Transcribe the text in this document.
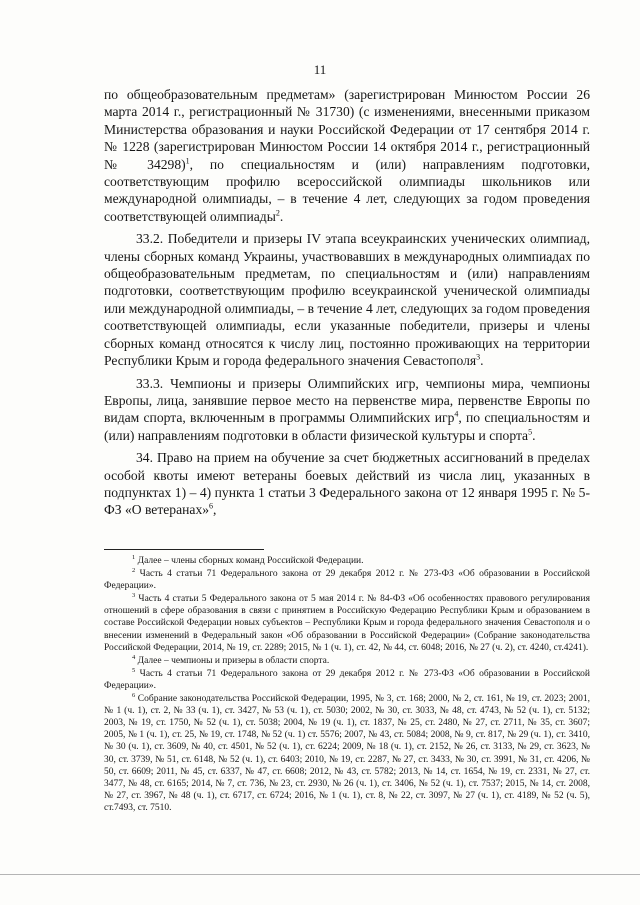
11

по общеобразовательным предметам» (зарегистрирован Минюстом России 26 марта 2014 г., регистрационный № 31730) (с изменениями, внесенными приказом Министерства образования и науки Российской Федерации от 17 сентября 2014 г. № 1228 (зарегистрирован Минюстом России 14 октября 2014 г., регистрационный № 34298)$^1$, по специальностям и (или) направлениям подготовки, соответствующим профилю всероссийской олимпиады школьников или международной олимпиады, – в течение 4 лет, следующих за годом проведения соответствующей олимпиады$^2$.

33.2. Победители и призеры IV этапа всеукраинских ученических олимпиад, члены сборных команд Украины, участвовавших в международных олимпиадах по общеобразовательным предметам, по специальностям и (или) направлениям подготовки, соответствующим профилю всеукраинской ученической олимпиады или международной олимпиады, – в течение 4 лет, следующих за годом проведения соответствующей олимпиады, если указанные победители, призеры и члены сборных команд относятся к числу лиц, постоянно проживающих на территории Республики Крым и города федерального значения Севастополя$^3$.

33.3. Чемпионы и призеры Олимпийских игр, чемпионы мира, чемпионы Европы, лица, занявшие первое место на первенстве мира, первенстве Европы по видам спорта, включенным в программы Олимпийских игр$^4$, по специальностям и (или) направлениям подготовки в области физической культуры и спорта$^5$.

34. Право на прием на обучение за счет бюджетных ассигнований в пределах особой квоты имеют ветераны боевых действий из числа лиц, указанных в подпунктах 1) – 4) пункта 1 статьи 3 Федерального закона от 12 января 1995 г. № 5-ФЗ «О ветеранах»$^6$,

$^1$ Далее – члены сборных команд Российской Федерации.

$^2$ Часть 4 статьи 71 Федерального закона от 29 декабря 2012 г. № 273-ФЗ «Об образовании в Российской Федерации».

$^3$ Часть 4 статьи 5 Федерального закона от 5 мая 2014 г. № 84-ФЗ «Об особенностях правового регулирования отношений в сфере образования в связи с принятием в Российскую Федерацию Республики Крым и образованием в составе Российской Федерации новых субъектов – Республики Крым и города федерального значения Севастополя и о внесении изменений в Федеральный закон «Об образовании в Российской Федерации» (Собрание законодательства Российской Федерации, 2014, № 19, ст. 2289; 2015, № 1 (ч. 1), ст. 42, № 44, ст. 6048; 2016, № 27 (ч. 2), ст. 4240, ст.4241).

$^4$ Далее – чемпионы и призеры в области спорта.

$^5$ Часть 4 статьи 71 Федерального закона от 29 декабря 2012 г. № 273-ФЗ «Об образовании в Российской Федерации».

$^6$ Собрание законодательства Российской Федерации, 1995, № 3, ст. 168; 2000, № 2, ст. 161, № 19, ст. 2023; 2001, № 1 (ч. 1), ст. 2, № 33 (ч. 1), ст. 3427, № 53 (ч. 1), ст. 5030; 2002, № 30, ст. 3033, № 48, ст. 4743, № 52 (ч. 1), ст. 5132; 2003, № 19, ст. 1750, № 52 (ч. 1), ст. 5038; 2004, № 19 (ч. 1), ст. 1837, № 25, ст. 2480, № 27, ст. 2711, № 35, ст. 3607; 2005, № 1 (ч. 1), ст. 25, № 19, ст. 1748, № 52 (ч. 1) ст. 5576; 2007, № 43, ст. 5084; 2008, № 9, ст. 817, № 29 (ч. 1), ст. 3410, № 30 (ч. 1), ст. 3609, № 40, ст. 4501, № 52 (ч. 1), ст. 6224; 2009, № 18 (ч. 1), ст. 2152, № 26, ст. 3133, № 29, ст. 3623, № 30, ст. 3739, № 51, ст. 6148, № 52 (ч. 1), ст. 6403; 2010, № 19, ст. 2287, № 27, ст. 3433, № 30, ст. 3991, № 31, ст. 4206, № 50, ст. 6609; 2011, № 45, ст. 6337, № 47, ст. 6608; 2012, № 43, ст. 5782; 2013, № 14, ст. 1654, № 19, ст. 2331, № 27, ст. 3477, № 48, ст. 6165; 2014, № 7, ст. 736, № 23, ст. 2930, № 26 (ч. 1), ст. 3406, № 52 (ч. 1), ст. 7537; 2015, № 14, ст. 2008, № 27, ст. 3967, № 48 (ч. 1), ст. 6717, ст. 6724; 2016, № 1 (ч. 1), ст. 8, № 22, ст. 3097, № 27 (ч. 1), ст. 4189, № 52 (ч. 5), ст.7493, ст. 7510.
